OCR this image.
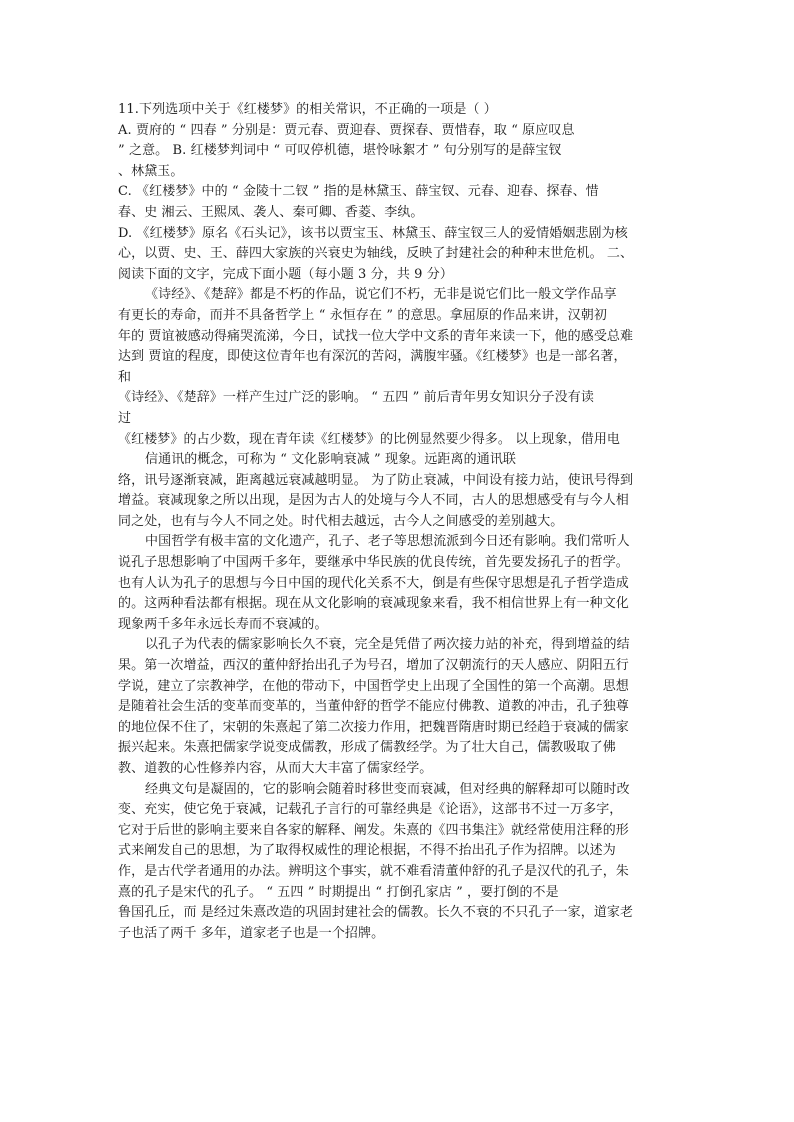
11.下列选项中关于《红楼梦》的相关常识，不正确的一项是（ ）
A. 贾府的 “ 四春 ” 分别是：贾元春、贾迎春、贾探春、贾惜春，取 “ 原应叹息
” 之意。 B. 红楼梦判词中 “ 可叹停机德，堪怜咏絮才 ” 句分别写的是薛宝钗
、林黛玉。
C. 《红楼梦》中的 “ 金陵十二钗 ” 指的是林黛玉、薛宝钗、元春、迎春、探春、惜
春、史 湘云、王熙凤、袭人、秦可卿、香菱、李纨。
D. 《红楼梦》原名《石头记》，该书以贾宝玉、林黛玉、薛宝钗三人的爱情婚姻悲剧为核
心，以贾、史、王、薛四大家族的兴衰史为轴线，反映了封建社会的种种末世危机。 二、
阅读下面的文字，完成下面小题（每小题 3 分，共 9 分）
《诗经》、《楚辞》都是不朽的作品，说它们不朽，无非是说它们比一般文学作品享
有更长的寿命，而并不具备哲学上 “ 永恒存在 ” 的意思。拿屈原的作品来讲，汉朝初
年的 贾谊被感动得痛哭流涕，今日，试找一位大学中文系的青年来读一下，他的感受总难
达到 贾谊的程度，即使这位青年也有深沉的苦闷，满腹牢骚。《红楼梦》也是一部名著，
和
《诗经》、《楚辞》一样产生过广泛的影响。 “ 五四 ” 前后青年男女知识分子没有读
过
《红楼梦》的占少数，现在青年读《红楼梦》的比例显然要少得多。 以上现象，借用电
信通讯的概念，可称为 “ 文化影响衰减 ” 现象。远距离的通讯联
络，讯号逐渐衰减，距离越远衰减越明显。 为了防止衰减，中间设有接力站，使讯号得到
增益。衰减现象之所以出现，是因为古人的处境与今人不同，古人的思想感受有与今人相
同之处，也有与今人不同之处。时代相去越远，古今人之间感受的差别越大。
中国哲学有极丰富的文化遗产，孔子、老子等思想流派到今日还有影响。我们常听人
说孔子思想影响了中国两千多年，要继承中华民族的优良传统，首先要发扬孔子的哲学。
也有人认为孔子的思想与今日中国的现代化关系不大，倒是有些保守思想是孔子哲学造成
的。这两种看法都有根据。现在从文化影响的衰减现象来看，我不相信世界上有一种文化
现象两千多年永远长寿而不衰减的。
以孔子为代表的儒家影响长久不衰，完全是凭借了两次接力站的补充，得到增益的结
果。第一次增益，西汉的董仲舒抬出孔子为号召，增加了汉朝流行的天人感应、阴阳五行
学说，建立了宗教神学，在他的带动下，中国哲学史上出现了全国性的第一个高潮。思想
是随着社会生活的变革而变革的，当董仲舒的哲学不能应付佛教、道教的冲击，孔子独尊
的地位保不住了，宋朝的朱熹起了第二次接力作用，把魏晋隋唐时期已经趋于衰减的儒家
振兴起来。朱熹把儒家学说变成儒教，形成了儒教经学。为了壮大自己，儒教吸取了佛
教、道教的心性修养内容，从而大大丰富了儒家经学。
经典文句是凝固的，它的影响会随着时移世变而衰减，但对经典的解释却可以随时改
变、充实，使它免于衰减，记载孔子言行的可靠经典是《论语》，这部书不过一万多字，
它对于后世的影响主要来自各家的解释、阐发。朱熹的《四书集注》就经常使用注释的形
式来阐发自己的思想，为了取得权威性的理论根据，不得不抬出孔子作为招牌。以述为
作，是古代学者通用的办法。辨明这个事实，就不难看清董仲舒的孔子是汉代的孔子，朱
熹的孔子是宋代的孔子。 “ 五四 ” 时期提出 “ 打倒孔家店 ” ，要打倒的不是
鲁国孔丘，而 是经过朱熹改造的巩固封建社会的儒教。长久不衰的不只孔子一家，道家老
子也活了两千 多年，道家老子也是一个招牌。
